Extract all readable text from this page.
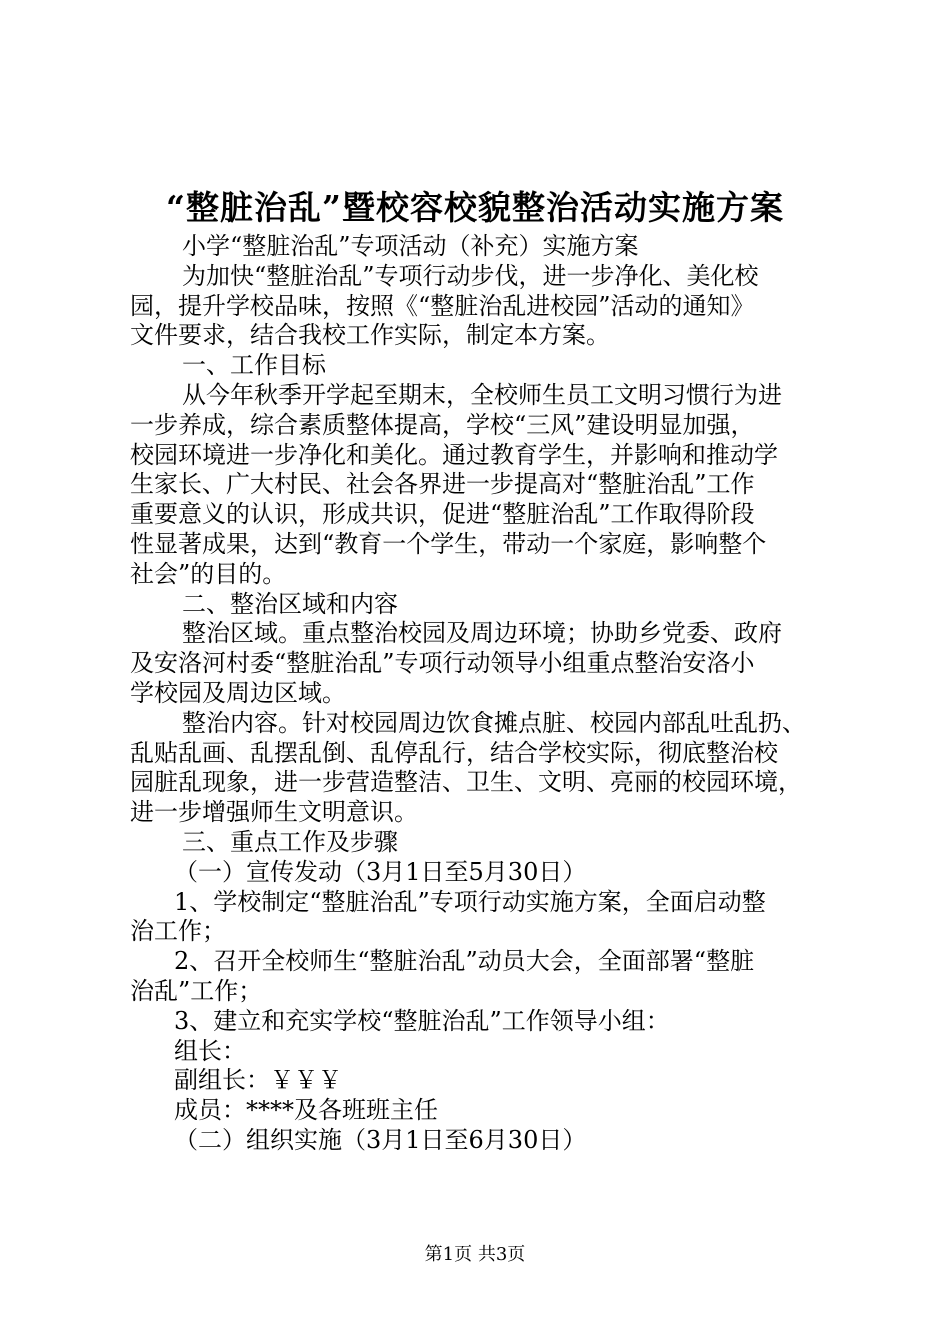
“整脏治乱”暨校容校貌整治活动实施方案
小学“整脏治乱”专项活动（补充）实施方案
为加快“整脏治乱”专项行动步伐，进一步净化、美化校
园，提升学校品味，按照《“整脏治乱进校园”活动的通知》
文件要求，结合我校工作实际，制定本方案。
一、工作目标
从今年秋季开学起至期末，全校师生员工文明习惯行为进
一步养成，综合素质整体提高，学校“三风”建设明显加强，
校园环境进一步净化和美化。通过教育学生，并影响和推动学
生家长、广大村民、社会各界进一步提高对“整脏治乱”工作
重要意义的认识，形成共识，促进“整脏治乱”工作取得阶段
性显著成果，达到“教育一个学生，带动一个家庭，影响整个
社会”的目的。
二、整治区域和内容
整治区域。重点整治校园及周边环境；协助乡党委、政府
及安洛河村委“整脏治乱”专项行动领导小组重点整治安洛小
学校园及周边区域。
整治内容。针对校园周边饮食摊点脏、校园内部乱吐乱扔、
乱贴乱画、乱摆乱倒、乱停乱行，结合学校实际，彻底整治校
园脏乱现象，进一步营造整洁、卫生、文明、亮丽的校园环境，
进一步增强师生文明意识。
三、重点工作及步骤
（一）宣传发动（3月1日至5月30日）
1、学校制定“整脏治乱”专项行动实施方案，全面启动整
治工作；
2、召开全校师生“整脏治乱”动员大会，全面部署“整脏
治乱”工作；
3、建立和充实学校“整脏治乱”工作领导小组：
组长：
副组长：￥￥￥
成员：****及各班班主任
（二）组织实施（3月1日至6月30日）
第1页 共3页
